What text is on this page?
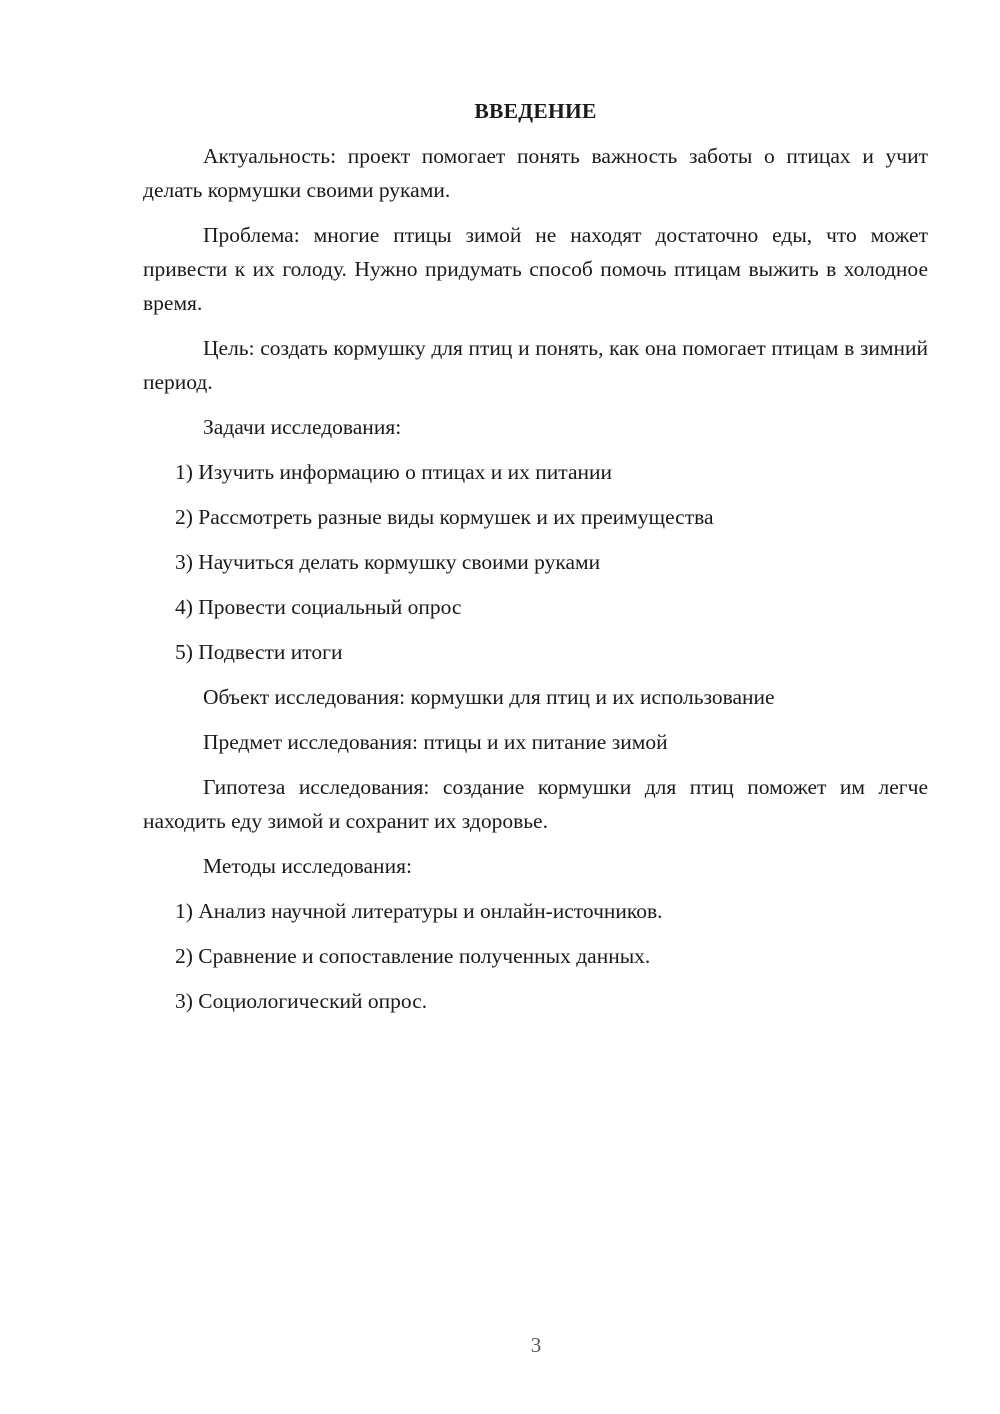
ВВЕДЕНИЕ

Актуальность: проект помогает понять важность заботы о птицах и учит делать кормушки своими руками.

Проблема: многие птицы зимой не находят достаточно еды, что может привести к их голоду. Нужно придумать способ помочь птицам выжить в холодное время.

Цель: создать кормушку для птиц и понять, как она помогает птицам в зимний период.

Задачи исследования:

1) Изучить информацию о птицах и их питании

2) Рассмотреть разные виды кормушек и их преимущества

3) Научиться делать кормушку своими руками

4) Провести социальный опрос

5) Подвести итоги

Объект исследования: кормушки для птиц и их использование

Предмет исследования: птицы и их питание зимой

Гипотеза исследования: создание кормушки для птиц поможет им легче находить еду зимой и сохранит их здоровье.

Методы исследования:

1) Анализ научной литературы и онлайн-источников.

2) Сравнение и сопоставление полученных данных.

3) Социологический опрос.

3
